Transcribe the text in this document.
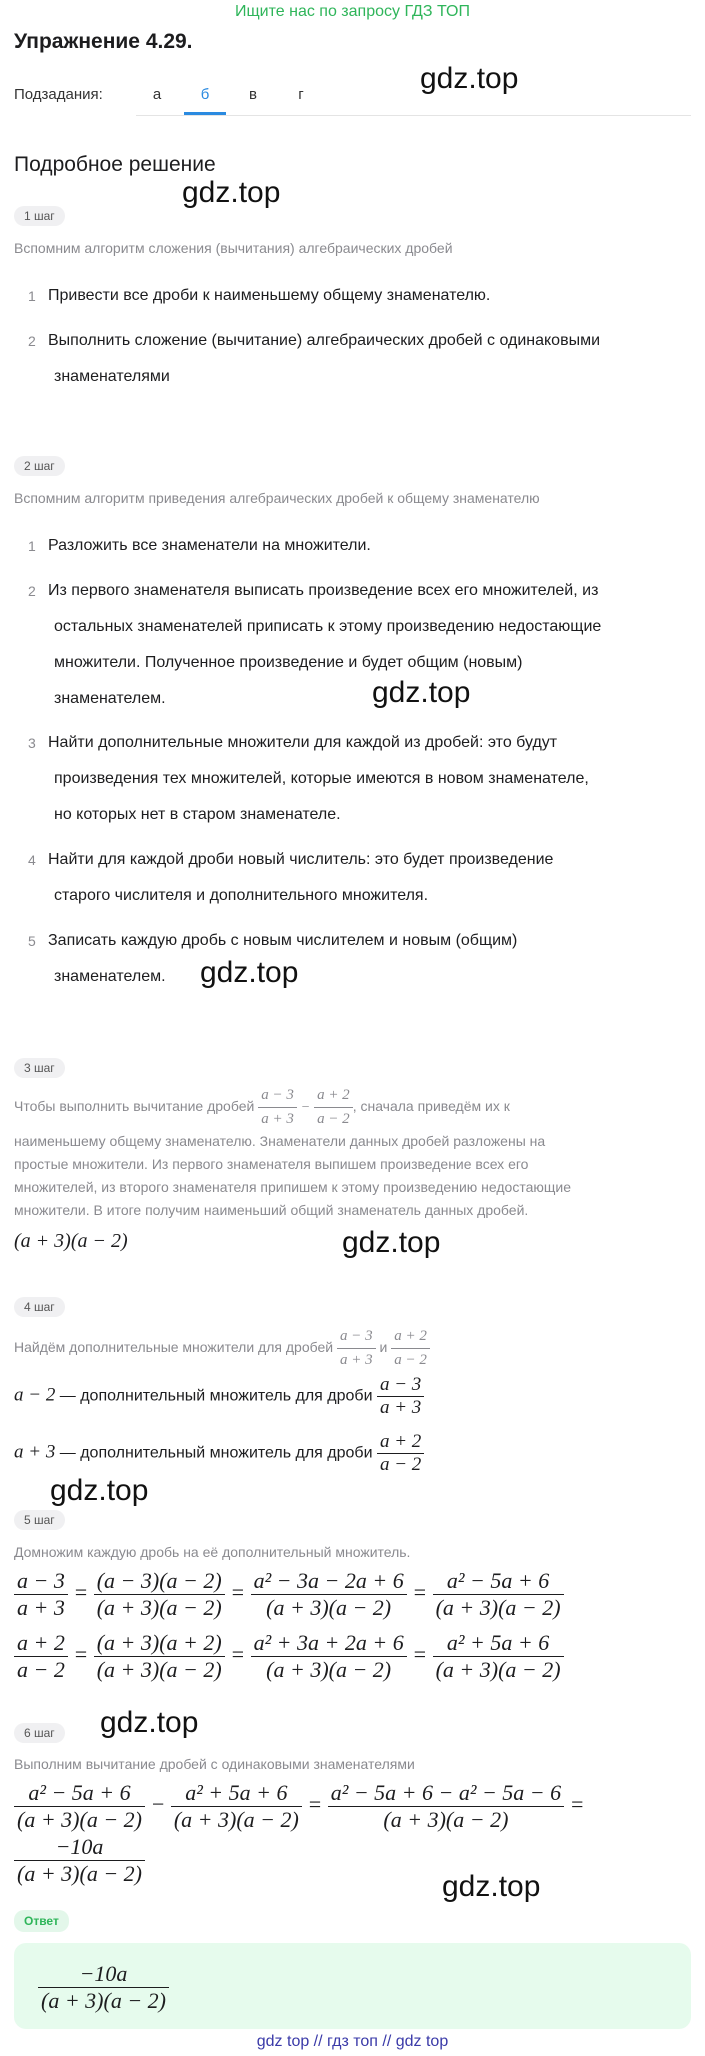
Ищите нас по запросу ГДЗ ТОП
Упражнение 4.29.
Подзадания:	а	б	в	г	gdz.top
Подробное решение
gdz.top
1 шаг
Вспомним алгоритм сложения (вычитания) алгебраических дробей
1 Привести все дроби к наименьшему общему знаменателю.
2 Выполнить сложение (вычитание) алгебраических дробей с одинаковыми
знаменателями
2 шаг
Вспомним алгоритм приведения алгебраических дробей к общему знаменателю
1 Разложить все знаменатели на множители.
2 Из первого знаменателя выписать произведение всех его множителей, из
остальных знаменателей приписать к этому произведению недостающие
множители. Полученное произведение и будет общим (новым)
знаменателем.	gdz.top
3 Найти дополнительные множители для каждой из дробей: это будут
произведения тех множителей, которые имеются в новом знаменателе,
но которых нет в старом знаменателе.
4 Найти для каждой дроби новый числитель: это будет произведение
старого числителя и дополнительного множителя.
5 Записать каждую дробь с новым числителем и новым (общим)
знаменателем. gdz.top
3 шаг
Чтобы выполнить вычитание дробей $\frac{a - 3}{a + 3} - \frac{a + 2}{a - 2}$ , сначала приведём их к
наименьшему общему знаменателю. Знаменатели данных дробей разложены на
простые множители. Из первого знаменателя выпишем произведение всех его
множителей, из второго знаменателя припишем к этому произведению недостающие
множители. В итоге получим наименьший общий знаменатель данных дробей.
(a + 3)(a − 2)	gdz.top
4 шаг
Найдём дополнительные множители для дробей $\frac{a - 3}{a + 3}$ и $\frac{a + 2}{a - 2}$
a − 2 — дополнительный множитель для дроби $\frac{a - 3}{a + 3}$
a + 3 — дополнительный множитель для дроби $\frac{a + 2}{a - 2}$
gdz.top
5 шаг
Домножим каждую дробь на её дополнительный множитель.
$\frac{a - 3}{a + 3} = \frac{(a - 3)(a - 2)}{(a + 3)(a - 2)} = \frac{\text{a² − 3a − 2a + 6}}{(a + 3)(a - 2)} = \frac{\text{a² − 5a + 6}}{(a + 3)(a - 2)}$
$\frac{a + 2}{a - 2} = \frac{(a + 3)(a + 2)}{(a + 3)(a - 2)} = \frac{\text{a² + 3a + 2a + 6}}{(a + 3)(a - 2)} = \frac{\text{a² + 5a + 6}}{(a + 3)(a - 2)}$
6 шаг	gdz.top
Выполним вычитание дробей с одинаковыми знаменателями
$\frac{\text{a² − 5a + 6}}{(a + 3)(a - 2)} - \frac{\text{a² + 5a + 6}}{(a + 3)(a - 2)} = \frac{\text{a² − 5a + 6 − a² − 5a − 6}}{(a + 3)(a - 2)}$ =
$\frac{-10a}{(a + 3)(a - 2)}$	gdz.top
Ответ
$\frac{-10a}{(a + 3)(a - 2)}$
gdz top // гдз топ // gdz top
